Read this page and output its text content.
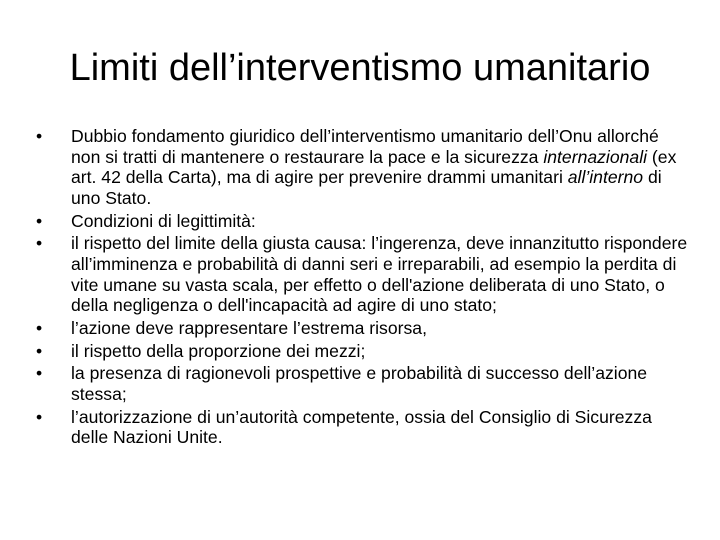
Limiti dell’interventismo umanitario
•	Dubbio fondamento giuridico dell’interventismo umanitario dell’Onu allorché non si tratti di mantenere o restaurare la pace e la sicurezza internazionali (ex art. 42 della Carta), ma di agire per prevenire drammi umanitari all’interno di uno Stato.
•	Condizioni di legittimità:
•	il rispetto del limite della giusta causa: l’ingerenza, deve innanzitutto rispondere all’imminenza e probabilità di danni seri e irreparabili, ad esempio la perdita di vite umane su vasta scala, per effetto o dell'azione deliberata di uno Stato, o della negligenza o dell'incapacità ad agire di uno stato;
•	l’azione deve rappresentare l’estrema risorsa,
•	il rispetto della proporzione dei mezzi;
•	la presenza di ragionevoli prospettive e probabilità di successo dell’azione stessa;
•	l’autorizzazione di un’autorità competente, ossia del Consiglio di Sicurezza delle Nazioni Unite.
